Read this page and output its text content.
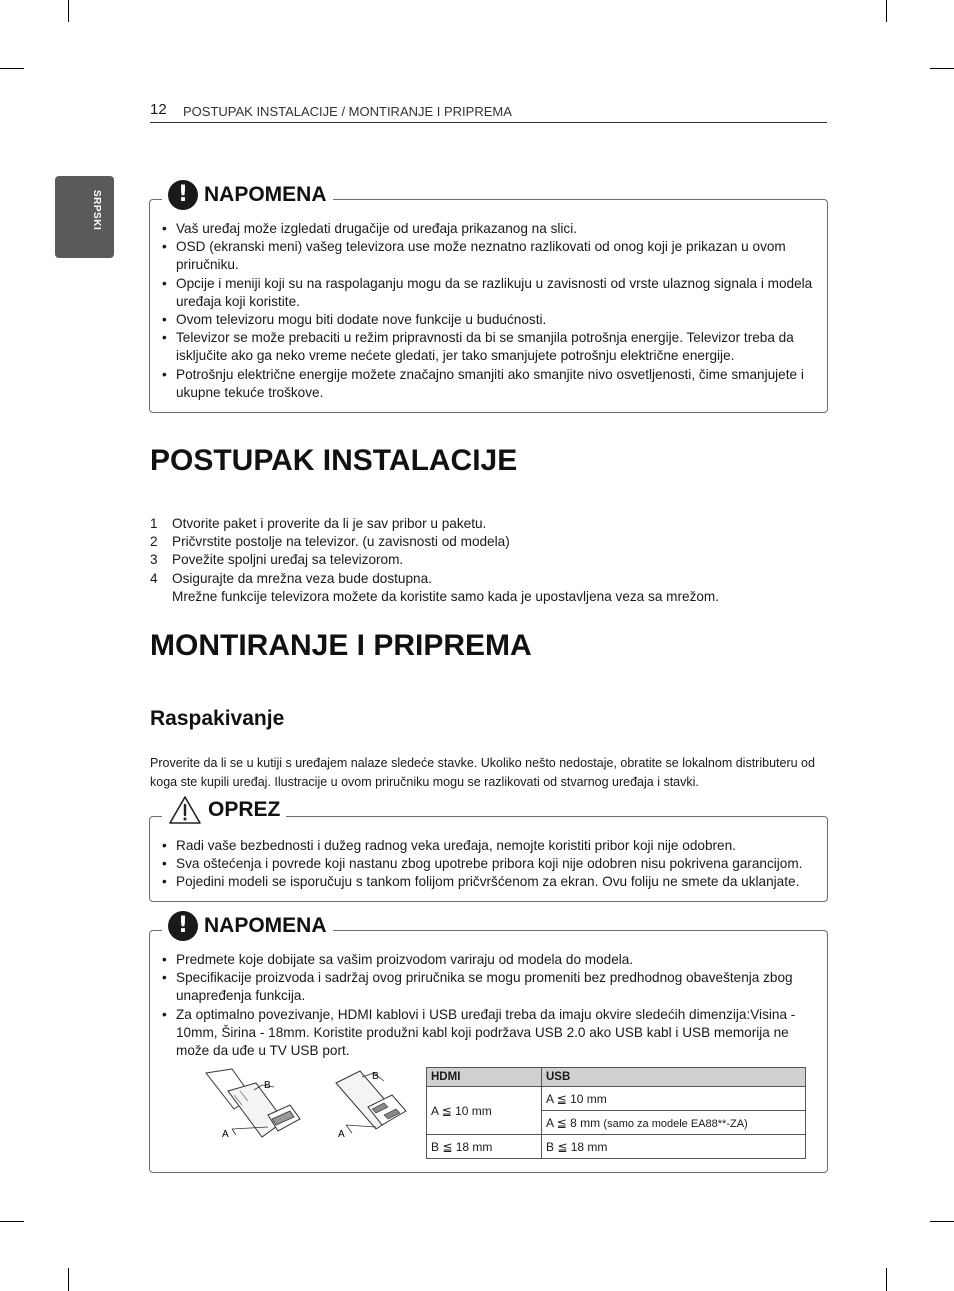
12 POSTUPAK INSTALACIJE / MONTIRANJE I PRIPREMA
SRPSKI	! NAPOMENA
• Vaš uređaj može izgledati drugačije od uređaja prikazanog na slici.
• OSD (ekranski meni) vašeg televizora use može neznatno razlikovati od onog koji je prikazan u ovom priručniku.
• Opcije i meniji koji su na raspolaganju mogu da se razlikuju u zavisnosti od vrste ulaznog signala i modela uređaja koji koristite.
• Ovom televizoru mogu biti dodate nove funkcije u budućnosti.
• Televizor se može prebaciti u režim pripravnosti da bi se smanjila potrošnja energije. Televizor treba da isključite ako ga neko vreme nećete gledati, jer tako smanjujete potrošnju električne energije.
• Potrošnju električne energije možete značajno smanjiti ako smanjite nivo osvetljenosti, čime smanjujete i ukupne tekuće troškove.
POSTUPAK INSTALACIJE
1 Otvorite paket i proverite da li je sav pribor u paketu.
2 Pričvrstite postolje na televizor. (u zavisnosti od modela)
3 Povežite spoljni uređaj sa televizorom.
4 Osigurajte da mrežna veza bude dostupna.
Mrežne funkcije televizora možete da koristite samo kada je upostavljena veza sa mrežom.
MONTIRANJE I PRIPREMA
Raspakivanje

Proverite da li se u kutiji s uređajem nalaze sledeće stavke. Ukoliko nešto nedostaje, obratite se lokalnom distributeru od koga ste kupili uređaj. Ilustracije u ovom priručniku mogu se razlikovati od stvarnog uređaja i stavki.

OPREZ
• Radi vaše bezbednosti i dužeg radnog veka uređaja, nemojte koristiti pribor koji nije odobren.
• Sva oštećenja i povrede koji nastanu zbog upotrebe pribora koji nije odobren nisu pokrivena garancijom.
• Pojedini modeli se isporučuju s tankom folijom pričvršćenom za ekran. Ovu foliju ne smete da uklanjate.
! NAPOMENA
• Predmete koje dobijate sa vašim proizvodom variraju od modela do modela.
• Specifikacije proizvoda i sadržaj ovog priručnika se mogu promeniti bez predhodnog obaveštenja zbog unapređenja funkcija.
• Za optimalno povezivanje, HDMI kablovi i USB uređaji treba da imaju okvire sledećih dimenzija:Visina - 10mm, Širina - 18mm. Koristite produžni kabl koji podržava USB 2.0 ako USB kabl i USB memorija ne može da uđe u TV USB port.
B
A
B
A
HDMI	USB
A ≦ 10 mm	A ≦ 10 mm
	A ≦ 8 mm (samo za modele EA88**-ZA)
B ≦ 18 mm	B ≦ 18 mm
